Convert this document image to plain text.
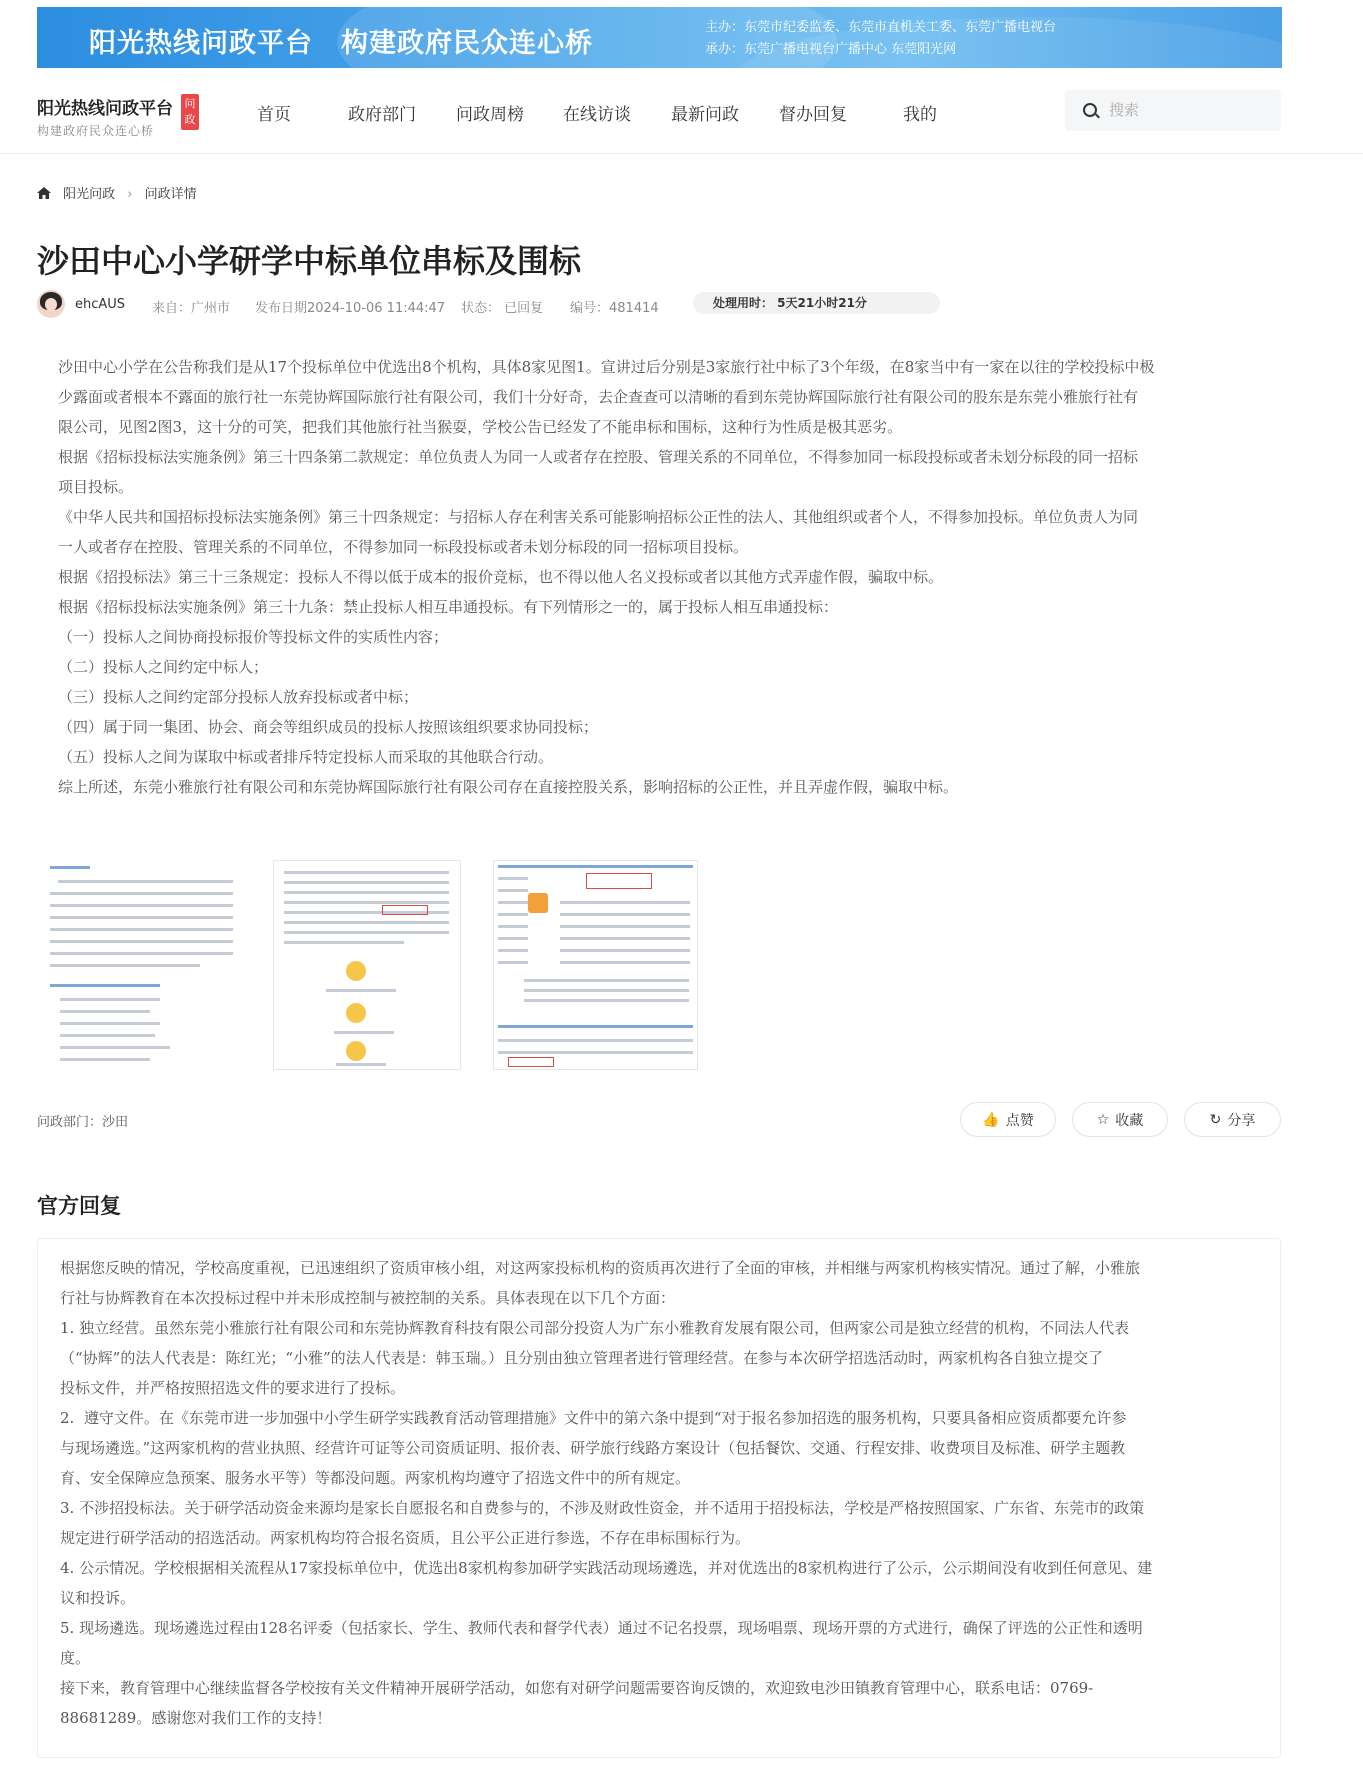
阳光热线问政平台　构建政府民众连心桥
主办：东莞市纪委监委、东莞市直机关工委、东莞广播电视台
承办：东莞广播电视台广播中心 东莞阳光网
阳光热线问政平台
构建政府民众连心桥
问政	首页	政府部门 问政周榜 在线访谈 最新问政 督办回复	我的
搜索
阳光问政 › 问政详情
沙田中心小学研学中标单位串标及围标
ehcAUS 来自：广州市 发布日期2024-10-06 11:44:47 状态： 已回复 编号：481414	处理用时： 5天21小时21分

沙田中心小学在公告称我们是从17个投标单位中优选出8个机构，具体8家见图1。宣讲过后分别是3家旅行社中标了3个年级，在8家当中有一家在以往的学校投标中极
少露面或者根本不露面的旅行社一东莞协辉国际旅行社有限公司，我们十分好奇，去企查查可以清晰的看到东莞协辉国际旅行社有限公司的股东是东莞小雅旅行社有
限公司，见图2图3，这十分的可笑，把我们其他旅行社当猴耍，学校公告已经发了不能串标和围标，这种行为性质是极其恶劣。

根据《招标投标法实施条例》第三十四条第二款规定：单位负责人为同一人或者存在控股、管理关系的不同单位，不得参加同一标段投标或者未划分标段的同一招标
项目投标。

《中华人民共和国招标投标法实施条例》第三十四条规定：与招标人存在利害关系可能影响招标公正性的法人、其他组织或者个人，不得参加投标。单位负责人为同
一人或者存在控股、管理关系的不同单位，不得参加同一标段投标或者未划分标段的同一招标项目投标。

根据《招投标法》第三十三条规定：投标人不得以低于成本的报价竞标，也不得以他人名义投标或者以其他方式弄虚作假，骗取中标。

根据《招标投标法实施条例》第三十九条：禁止投标人相互串通投标。有下列情形之一的，属于投标人相互串通投标：

（一）投标人之间协商投标报价等投标文件的实质性内容；

（二）投标人之间约定中标人；

（三）投标人之间约定部分投标人放弃投标或者中标；

（四）属于同一集团、协会、商会等组织成员的投标人按照该组织要求协同投标；

（五）投标人之间为谋取中标或者排斥特定投标人而采取的其他联合行动。

综上所述，东莞小雅旅行社有限公司和东莞协辉国际旅行社有限公司存在直接控股关系，影响招标的公正性，并且弄虚作假，骗取中标。

问政部门：沙田	👍 点赞	☆ 收藏	↻ 分享
官方回复

根据您反映的情况，学校高度重视，已迅速组织了资质审核小组，对这两家投标机构的资质再次进行了全面的审核，并相继与两家机构核实情况。通过了解，小雅旅
行社与协辉教育在本次投标过程中并未形成控制与被控制的关系。具体表现在以下几个方面：

1. 独立经营。虽然东莞小雅旅行社有限公司和东莞协辉教育科技有限公司部分投资人为广东小雅教育发展有限公司，但两家公司是独立经营的机构，不同法人代表
（“协辉”的法人代表是：陈红光；“小雅”的法人代表是：韩玉瑞。）且分别由独立管理者进行管理经营。在参与本次研学招选活动时，两家机构各自独立提交了
投标文件，并严格按照招选文件的要求进行了投标。

2.  遵守文件。在《东莞市进一步加强中小学生研学实践教育活动管理措施》文件中的第六条中提到“对于报名参加招选的服务机构，只要具备相应资质都要允许参
与现场遴选。”这两家机构的营业执照、经营许可证等公司资质证明、报价表、研学旅行线路方案设计（包括餐饮、交通、行程安排、收费项目及标准、研学主题教
育、安全保障应急预案、服务水平等）等都没问题。两家机构均遵守了招选文件中的所有规定。

3. 不涉招投标法。关于研学活动资金来源均是家长自愿报名和自费参与的，不涉及财政性资金，并不适用于招投标法，学校是严格按照国家、广东省、东莞市的政策
规定进行研学活动的招选活动。两家机构均符合报名资质，且公平公正进行参选，不存在串标围标行为。

4. 公示情况。学校根据相关流程从17家投标单位中，优选出8家机构参加研学实践活动现场遴选，并对优选出的8家机构进行了公示，公示期间没有收到任何意见、建
议和投诉。

5. 现场遴选。现场遴选过程由128名评委（包括家长、学生、教师代表和督学代表）通过不记名投票，现场唱票、现场开票的方式进行，确保了评选的公正性和透明
度。

接下来，教育管理中心继续监督各学校按有关文件精神开展研学活动，如您有对研学问题需要咨询反馈的，欢迎致电沙田镇教育管理中心，联系电话：0769-
88681289。感谢您对我们工作的支持！
